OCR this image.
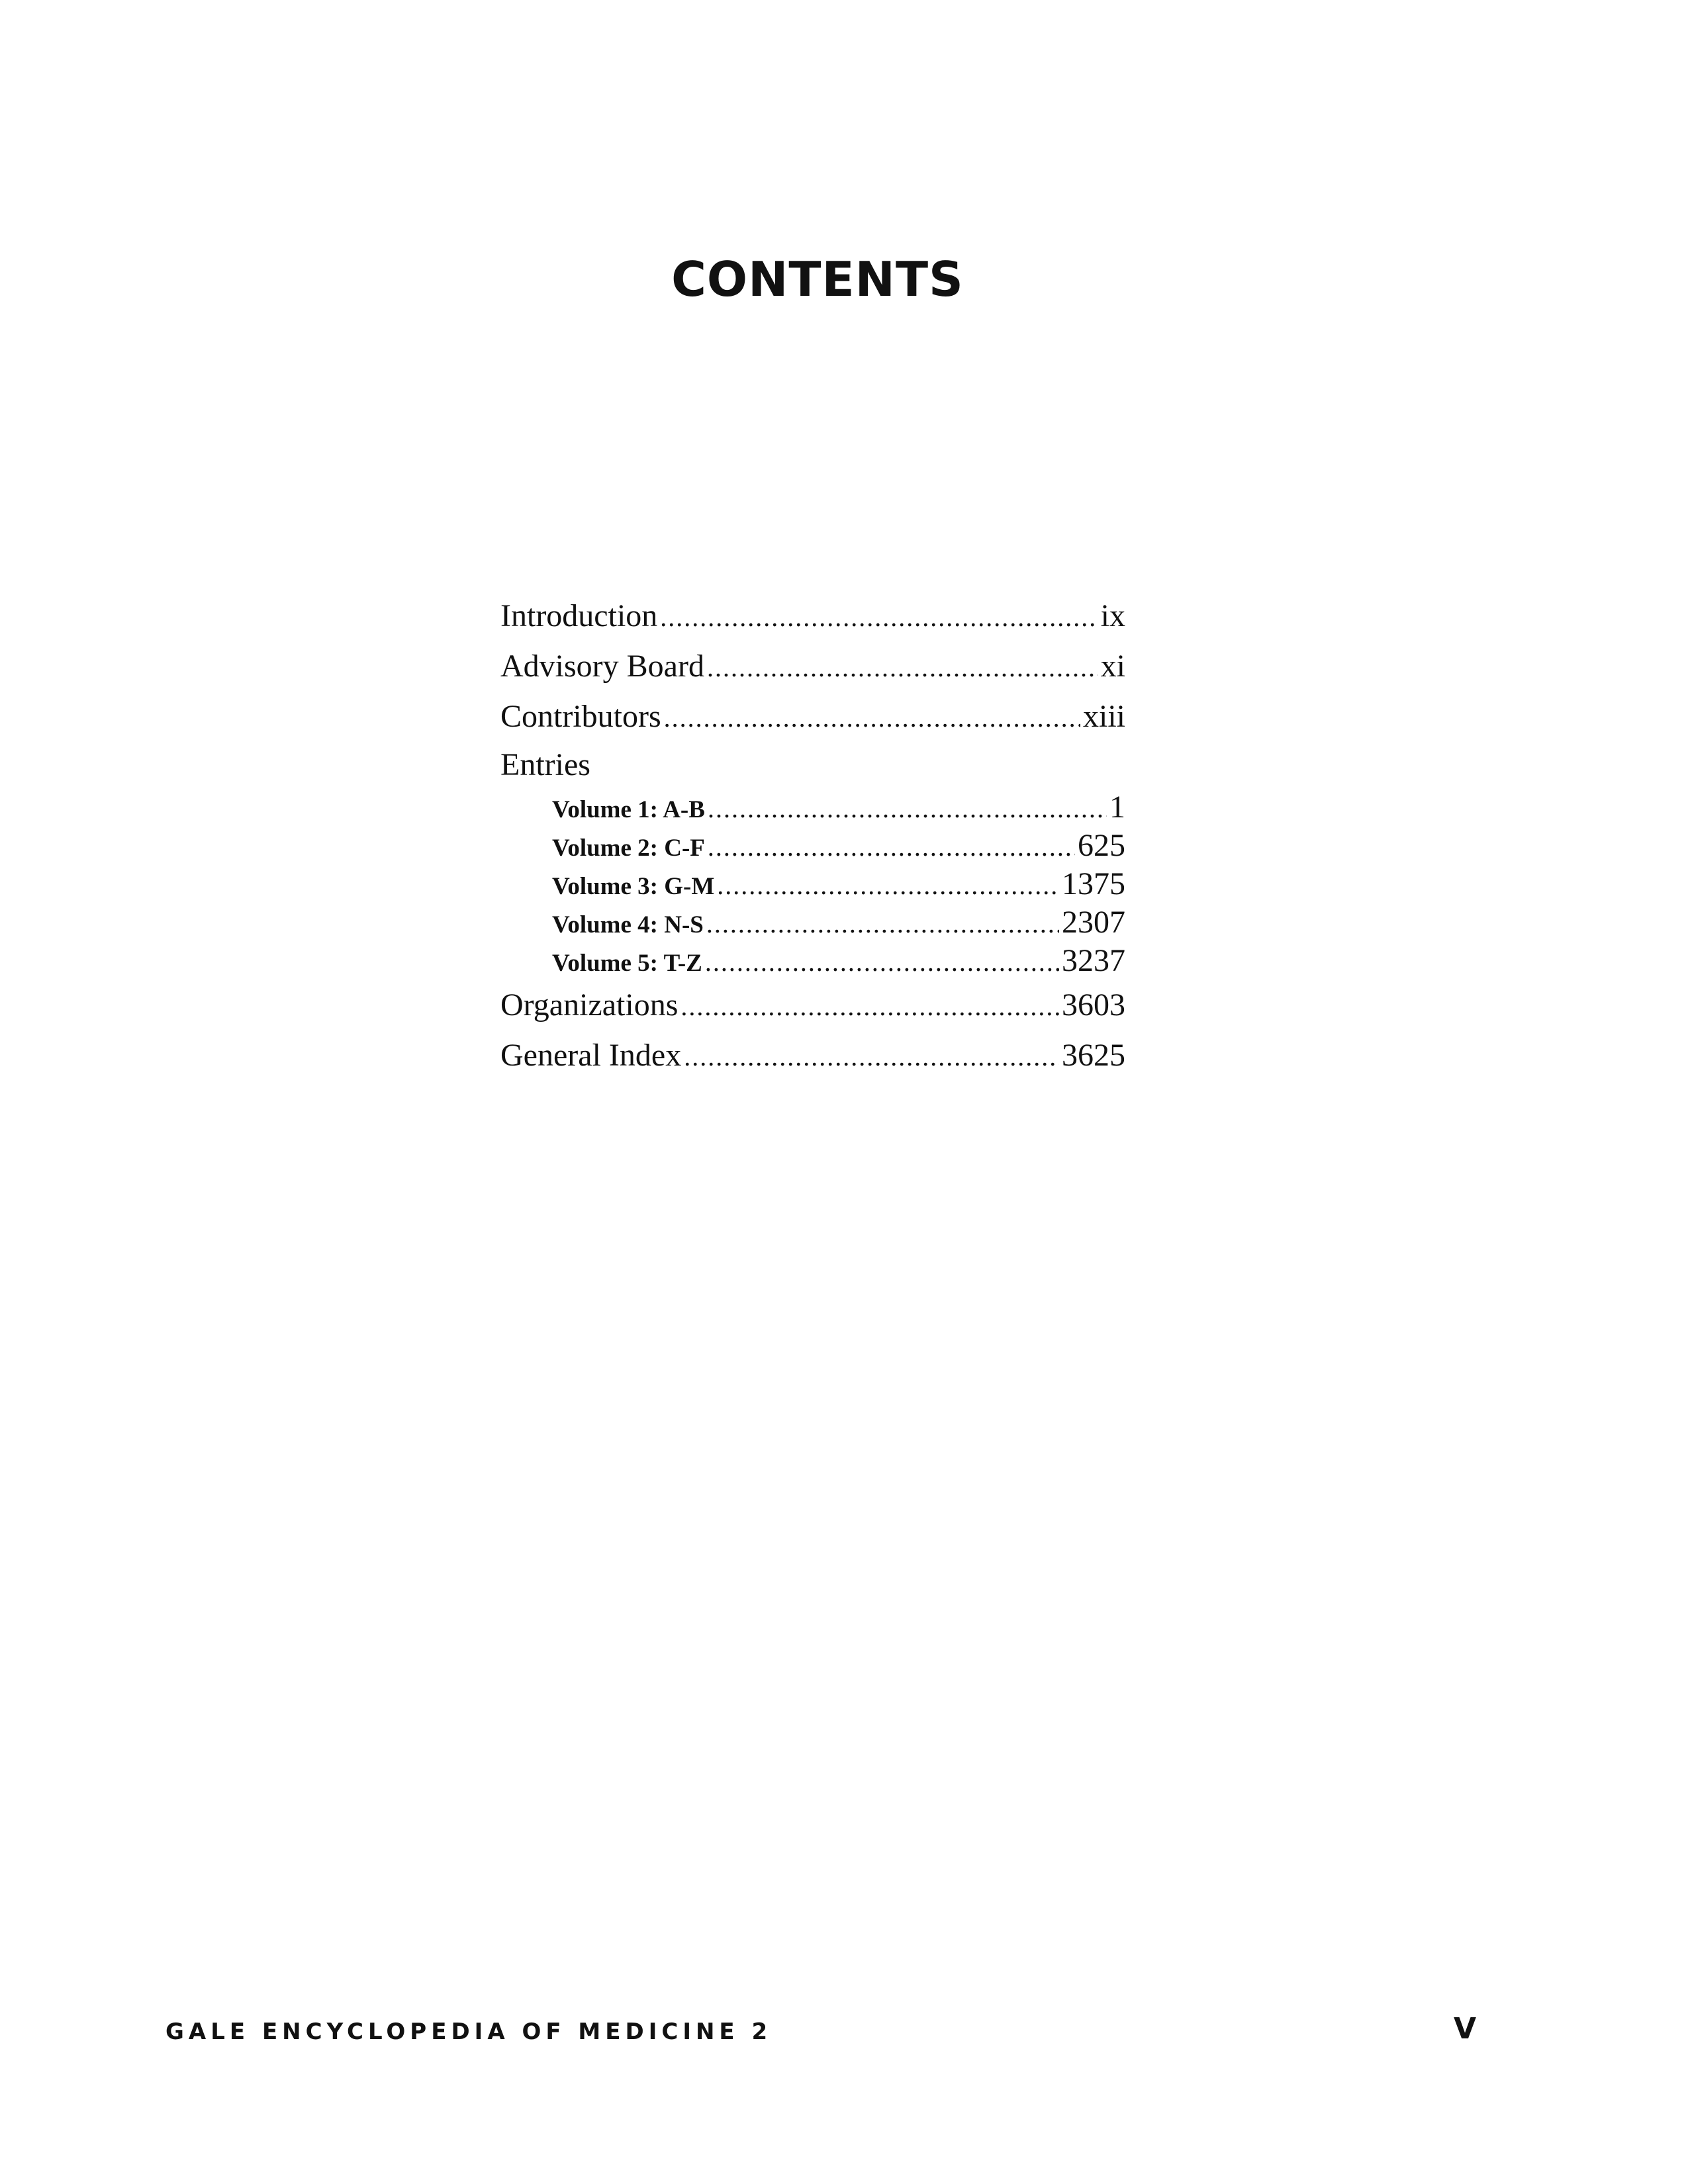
CONTENTS
Introduction .....	ix
Advisory Board .....	xi
Contributors .....	xiii
Entries
Volume 1: A-B .....	1
Volume 2: C-F .....	625
Volume 3: G-M .....	1375
Volume 4: N-S .....	2307
Volume 5: T-Z .....	3237
Organizations .....	3603
General Index .....	3625
GALE ENCYCLOPEDIA OF MEDICINE 2	V
